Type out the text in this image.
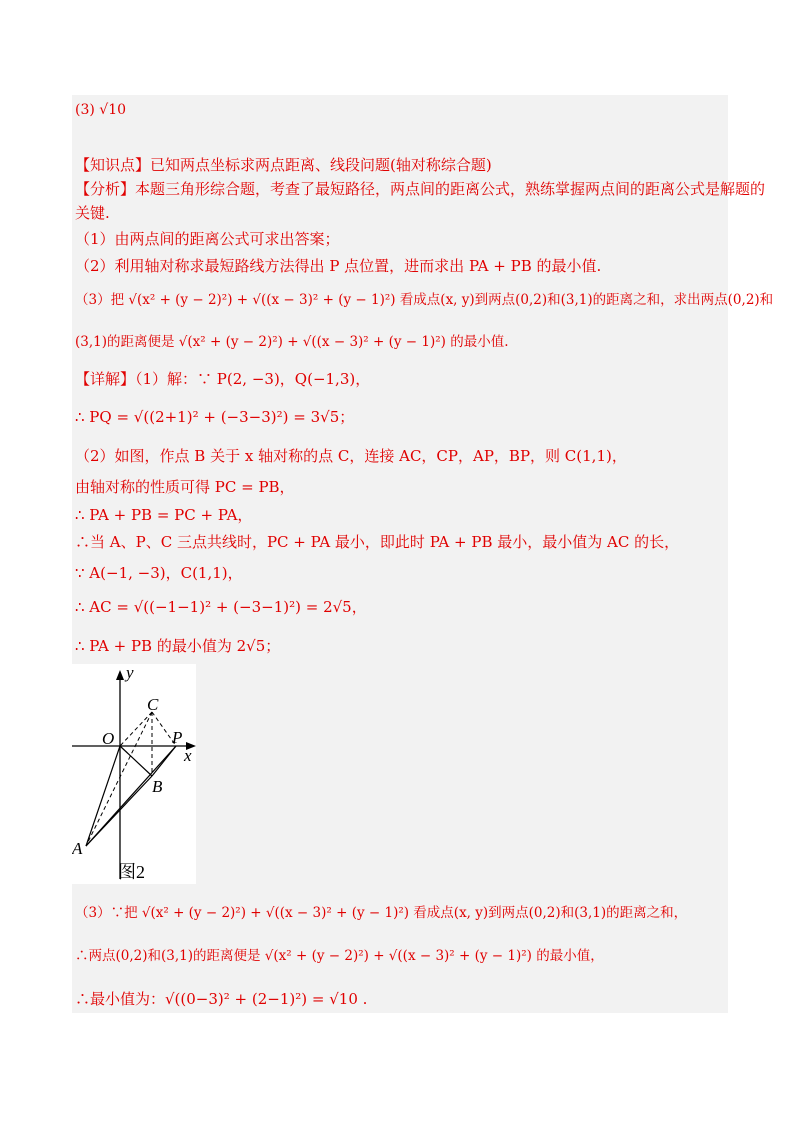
(3) √10
【知识点】已知两点坐标求两点距离、线段问题(轴对称综合题)
【分析】本题三角形综合题，考查了最短路径，两点间的距离公式，熟练掌握两点间的距离公式是解题的
关键.
（1）由两点间的距离公式可求出答案；
（2）利用轴对称求最短路线方法得出 P 点位置，进而求出 PA + PB 的最小值.
（3）把 √(x² + (y − 2)²) + √((x − 3)² + (y − 1)²) 看成点(x, y)到两点(0,2)和(3,1)的距离之和，求出两点(0,2)和
(3,1)的距离便是 √(x² + (y − 2)²) + √((x − 3)² + (y − 1)²) 的最小值.
【详解】（1）解：∵ P(2, −3)，Q(−1,3)，
∴ PQ = √((2+1)² + (−3−3)²) = 3√5；
（2）如图，作点 B 关于 x 轴对称的点 C，连接 AC，CP，AP，BP，则 C(1,1)，
由轴对称的性质可得 PC = PB，
∴ PA + PB = PC + PA，
∴当 A、P、C 三点共线时，PC + PA 最小，即此时 PA + PB 最小，最小值为 AC 的长，
∵ A(−1, −3)，C(1,1)，
∴ AC = √((−1−1)² + (−3−1)²) = 2√5，
∴ PA + PB 的最小值为 2√5；
y
x
O
C
P
B
A
图2
（3）∵把 √(x² + (y − 2)²) + √((x − 3)² + (y − 1)²) 看成点(x, y)到两点(0,2)和(3,1)的距离之和，
∴两点(0,2)和(3,1)的距离便是 √(x² + (y − 2)²) + √((x − 3)² + (y − 1)²) 的最小值，
∴最小值为：√((0−3)² + (2−1)²) = √10 .
